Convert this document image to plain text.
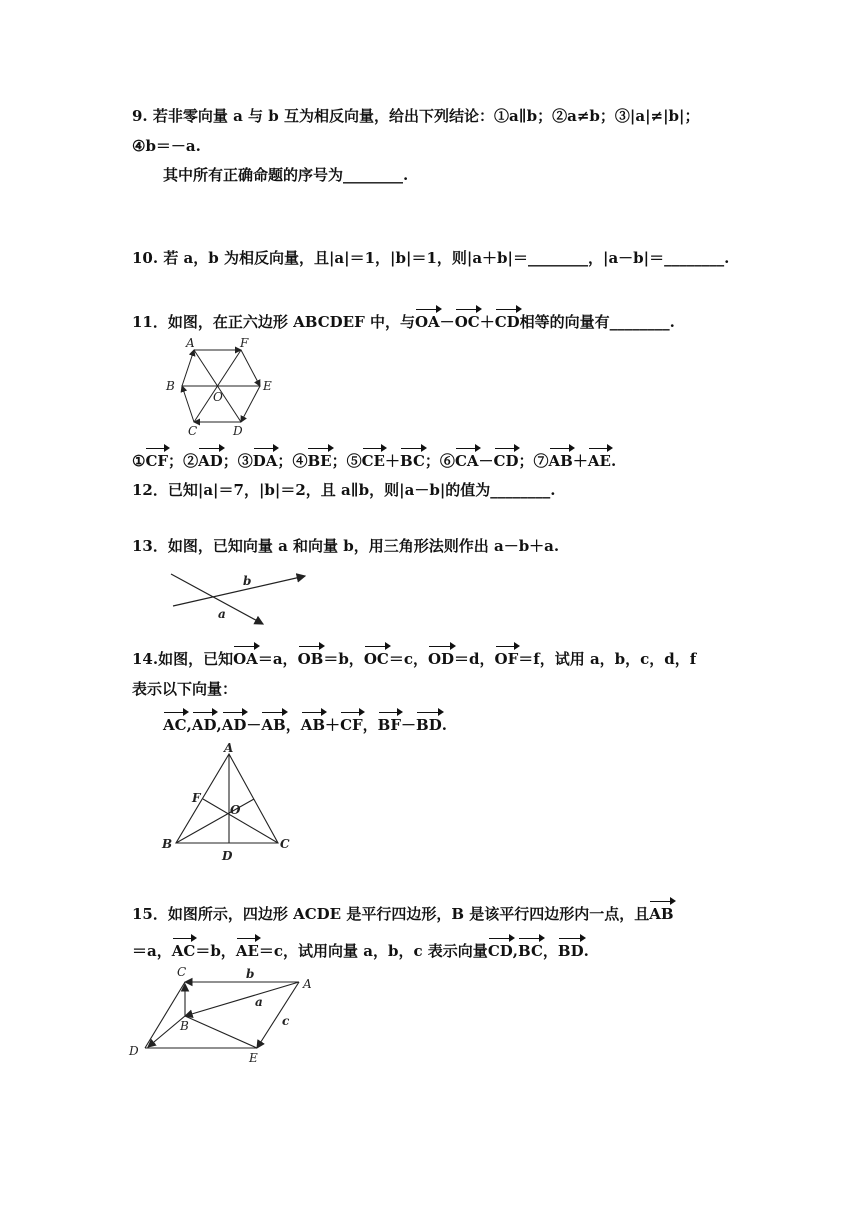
9. 若非零向量 a 与 b 互为相反向量，给出下列结论：①a∥b；②a≠b；③|a|≠|b|；
④b＝－a.
其中所有正确命题的序号为________.
10. 若 a，b 为相反向量，且|a|＝1，|b|＝1，则|a＋b|＝________，|a－b|＝________.
11．如图，在正六边形 ABCDEF 中，与OA－OC＋CD相等的向量有________.
A	F
B	E
O
C	D
①CF；②AD；③DA；④BE；⑤CE＋BC；⑥CA－CD；⑦AB＋AE.
12．已知|a|＝7，|b|＝2，且 a∥b，则|a－b|的值为________.
13．如图，已知向量 a 和向量 b，用三角形法则作出 a－b＋a.
b
a
14.如图，已知OA＝a，OB＝b，OC＝c，OD＝d，OF＝f，试用 a，b，c，d，f
表示以下向量：
AC,AD,AD－AB，AB＋CF，BF－BD.
A
F
O
B	C
D
15．如图所示，四边形 ACDE 是平行四边形，B 是该平行四边形内一点，且AB
＝a，AC＝b，AE＝c，试用向量 a，b，c 表示向量CD,BC，BD.
C
A
B
D	E
b
a
c
